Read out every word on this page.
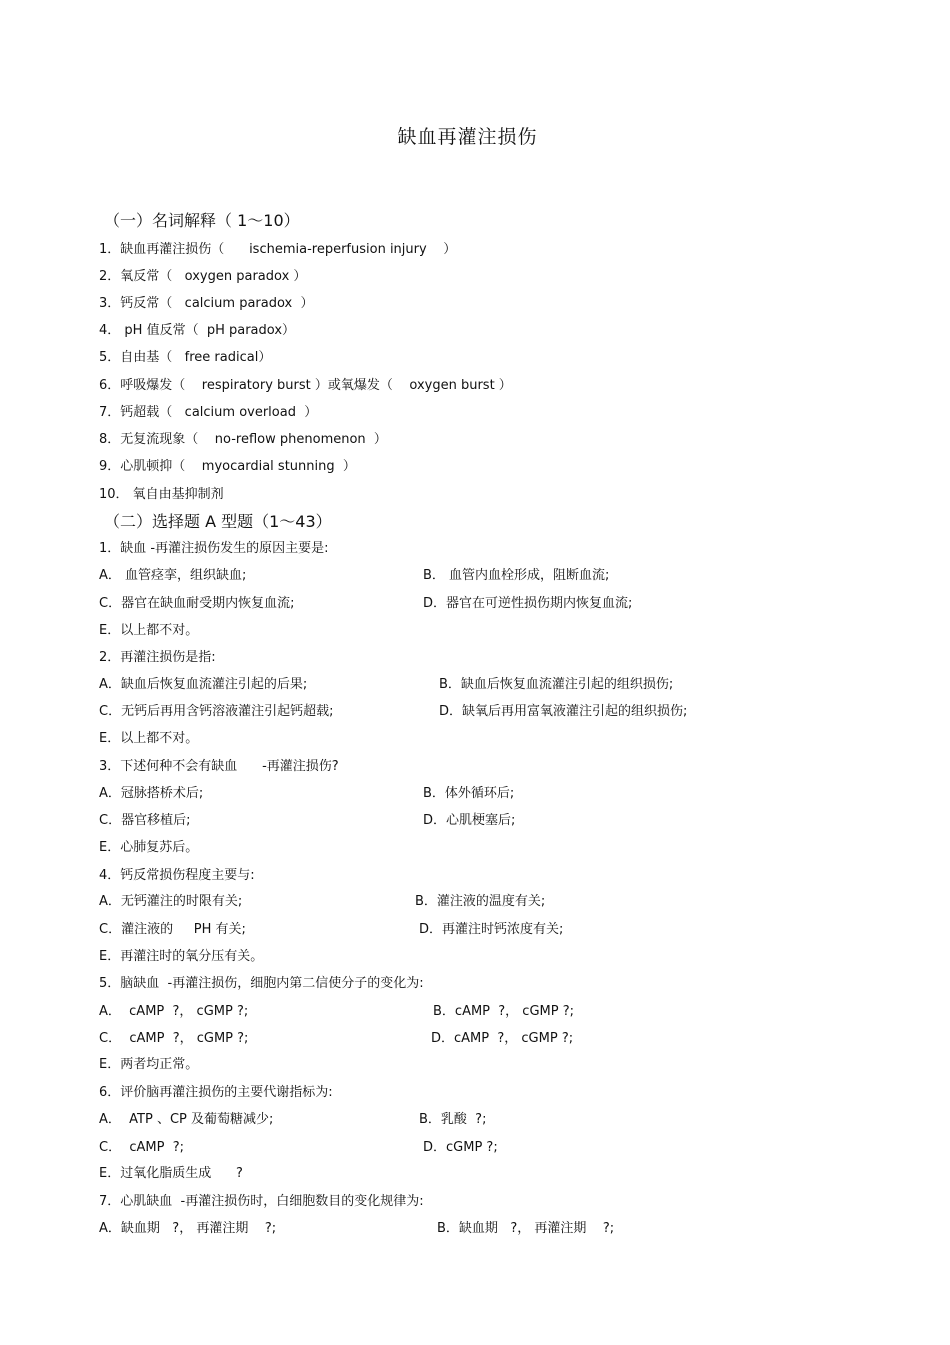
缺血再灌注损伤
（一）名词解释（ 1～10）
1．缺血再灌注损伤（      ischemia-reperfusion injury    ）
2．氧反常（   oxygen paradox ）
3．钙反常（   calcium paradox  ）
4． pH 值反常（  pH paradox）
5．自由基（   free radical）
6．呼吸爆发（    respiratory burst ）或氧爆发（    oxygen burst ）
7．钙超载（   calcium overload  ）
8．无复流现象（    no-reflow phenomenon  ）
9．心肌顿抑（    myocardial stunning  ）
10． 氧自由基抑制剂
（二）选择题 A 型题（1～43）
1．缺血 -再灌注损伤发生的原因主要是:
A． 血管痉挛，组织缺血;	B． 血管内血栓形成，阻断血流;
C．器官在缺血耐受期内恢复血流;	D．器官在可逆性损伤期内恢复血流;
E．以上都不对。
2．再灌注损伤是指:
A．缺血后恢复血流灌注引起的后果;	B．缺血后恢复血流灌注引起的组织损伤;
C．无钙后再用含钙溶液灌注引起钙超载;	D．缺氧后再用富氧液灌注引起的组织损伤;
E．以上都不对。
3．下述何种不会有缺血      -再灌注损伤?
A．冠脉搭桥术后;	B．体外循环后;
C．器官移植后;	D．心肌梗塞后;
E．心肺复苏后。
4．钙反常损伤程度主要与:
A．无钙灌注的时限有关;	B．灌注液的温度有关;
C．灌注液的     PH 有关;	D．再灌注时钙浓度有关;
E．再灌注时的氧分压有关。
5．脑缺血  -再灌注损伤，细胞内第二信使分子的变化为:
A．  cAMP  ?， cGMP ?;	B．cAMP  ?， cGMP ?;
C．  cAMP  ?， cGMP ?;	D．cAMP  ?， cGMP ?;
E．两者均正常。
6．评价脑再灌注损伤的主要代谢指标为:
A．  ATP 、CP 及葡萄糖减少;	B．乳酸  ?;
C．  cAMP  ?;	D．cGMP ?;
E．过氧化脂质生成      ?
7．心肌缺血  -再灌注损伤时，白细胞数目的变化规律为:
A．缺血期   ?， 再灌注期    ?;	B．缺血期   ?， 再灌注期    ?;
